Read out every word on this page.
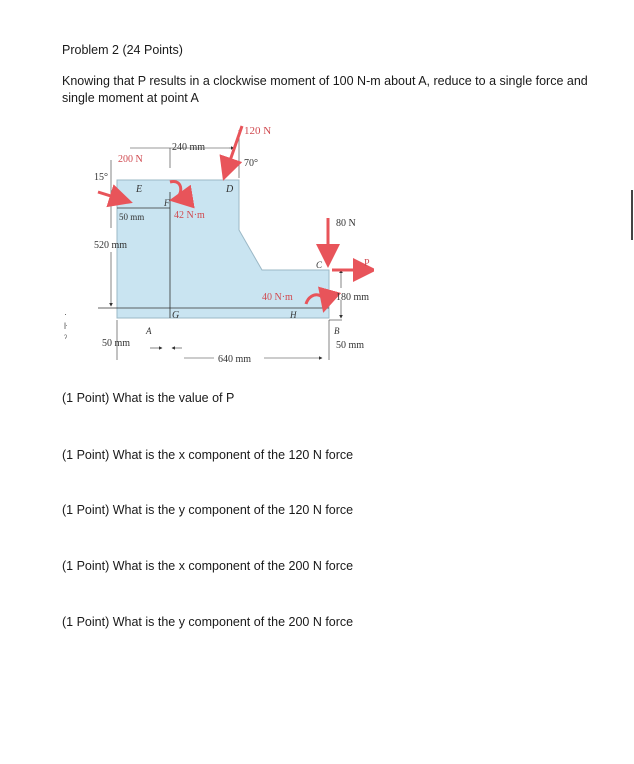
Problem 2 (24 Points)
Knowing that P results in a clockwise moment of 100 N-m about A, reduce to a single force and
single moment at point A
·
ŀ
ˀ
120 N
70°
200 N
15°
240 mm
E
F
D
42 N·m
50 mm
520 mm
80 N
C	P
40 N·m
H
180 mm
G
A	B
50 mm	50 mm
640 mm
(1 Point) What is the value of P
(1 Point) What is the x component of the 120 N force
(1 Point) What is the y component of the 120 N force
(1 Point) What is the x component of the 200 N force
(1 Point) What is the y component of the 200 N force
